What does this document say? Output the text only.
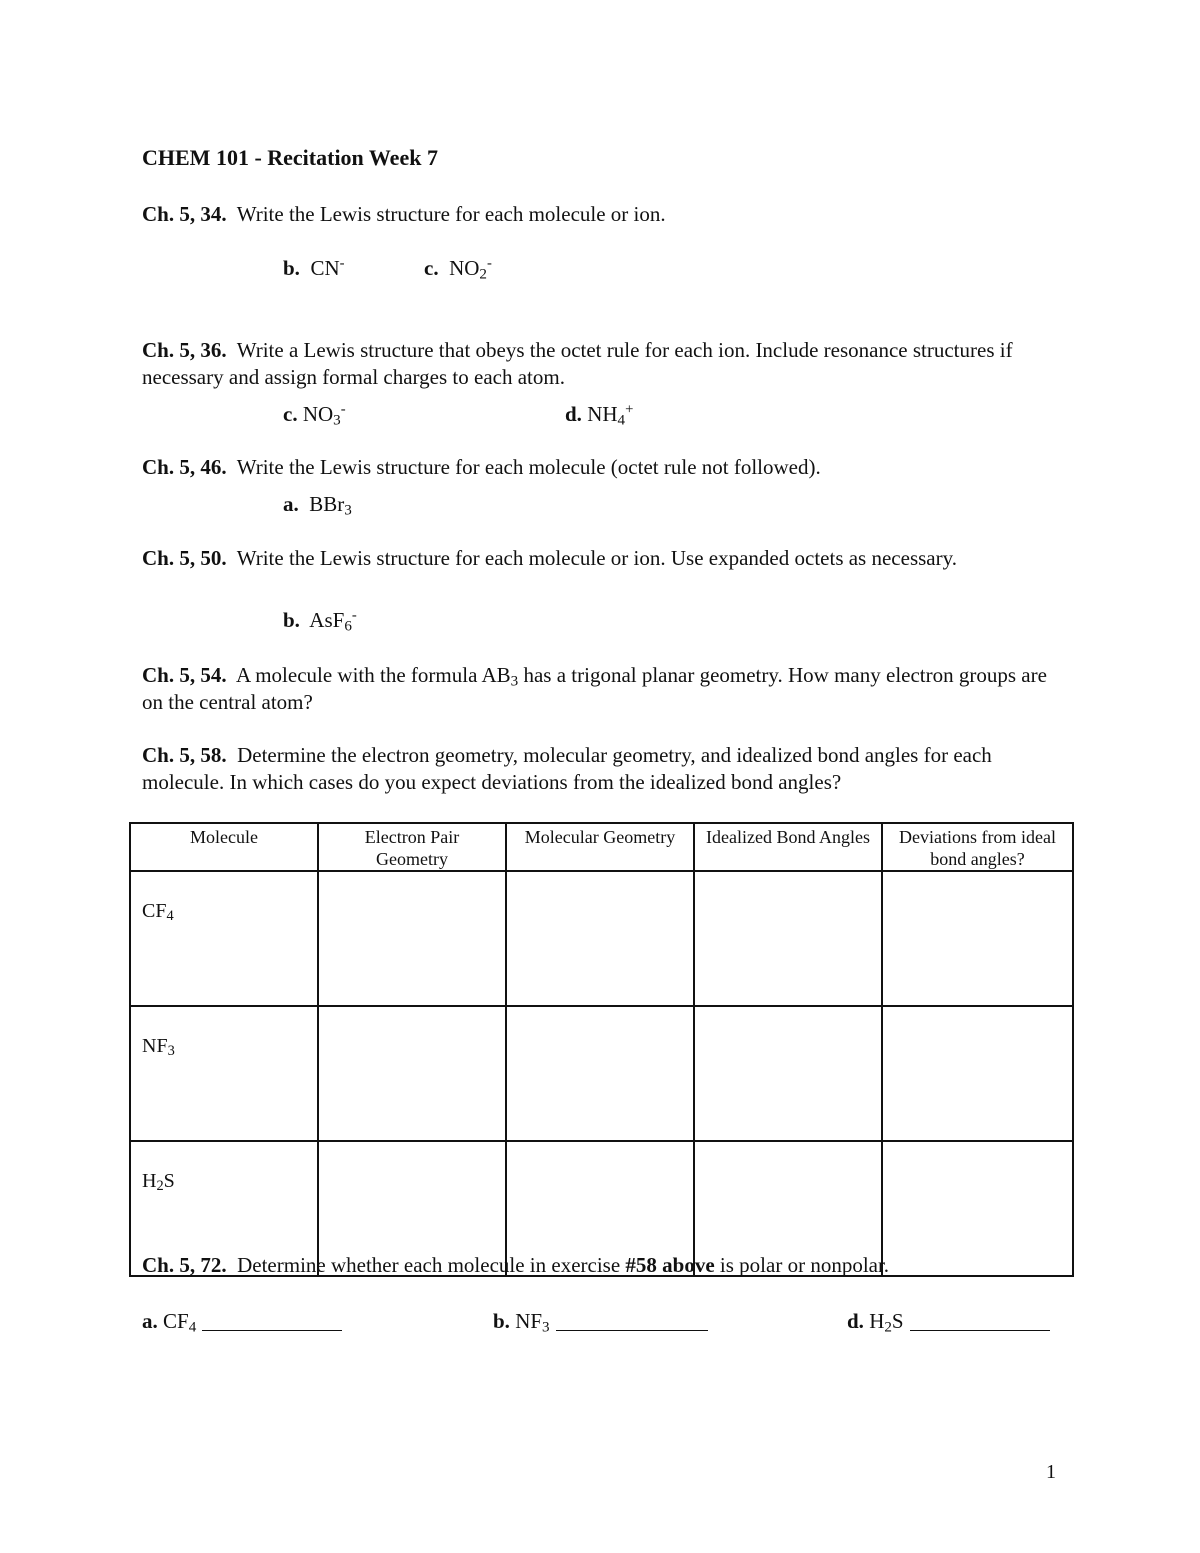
CHEM 101 - Recitation Week 7

Ch. 5, 34. Write the Lewis structure for each molecule or ion.

b. CN-	c. $NO_2^-$

Ch. 5, 36. Write a Lewis structure that obeys the octet rule for each ion. Include resonance structures if necessary and assign formal charges to each atom.

c. $NO_3^-$	d. $NH_4^+$

Ch. 5, 46. Write the Lewis structure for each molecule (octet rule not followed).

a. BBr$_3$

Ch. 5, 50. Write the Lewis structure for each molecule or ion. Use expanded octets as necessary.

b. AsF$_6$-

Ch. 5, 54. A molecule with the formula $AB_3$ has a trigonal planar geometry. How many electron groups are on the central atom?

Ch. 5, 58. Determine the electron geometry, molecular geometry, and idealized bond angles for each molecule. In which cases do you expect deviations from the idealized bond angles?

Molecule	Electron Pair Geometry	Molecular Geometry	Idealized Bond Angles	Deviations from ideal bond angles?
$CF_4$				
$NF_3$				
$H_2S$				

Ch. 5, 72. Determine whether each molecule in exercise #58 above is polar or nonpolar.

a. $CF_4$	b. $NF_3$	d. $H_2S$

1
